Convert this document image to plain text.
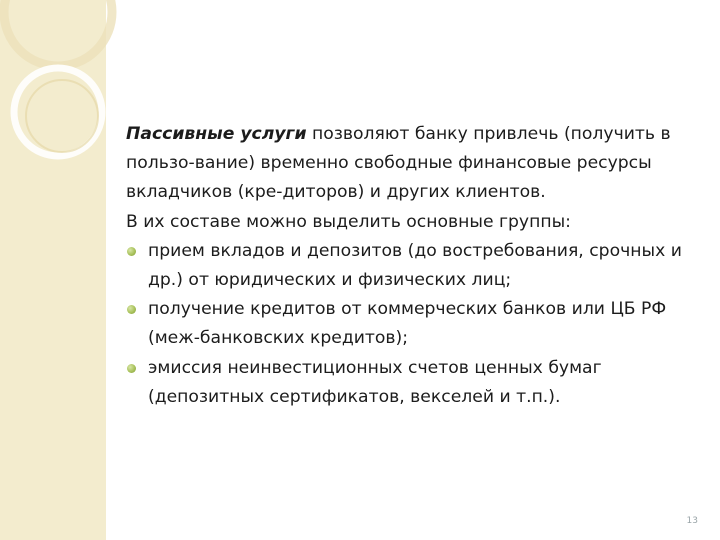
Пассивные услуги позволяют банку привлечь (получить в пользо-вание) временно свободные финансовые ресурсы вкладчиков (кре-диторов) и других клиентов.

В их составе можно выделить основные группы:

прием вкладов и депозитов (до востребования, срочных и др.) от юридических и физических лиц;
получение кредитов от коммерческих банков или ЦБ РФ (меж-банковских кредитов);
эмиссия неинвестиционных счетов ценных бумаг (депозитных сертификатов, векселей и т.п.).
13
